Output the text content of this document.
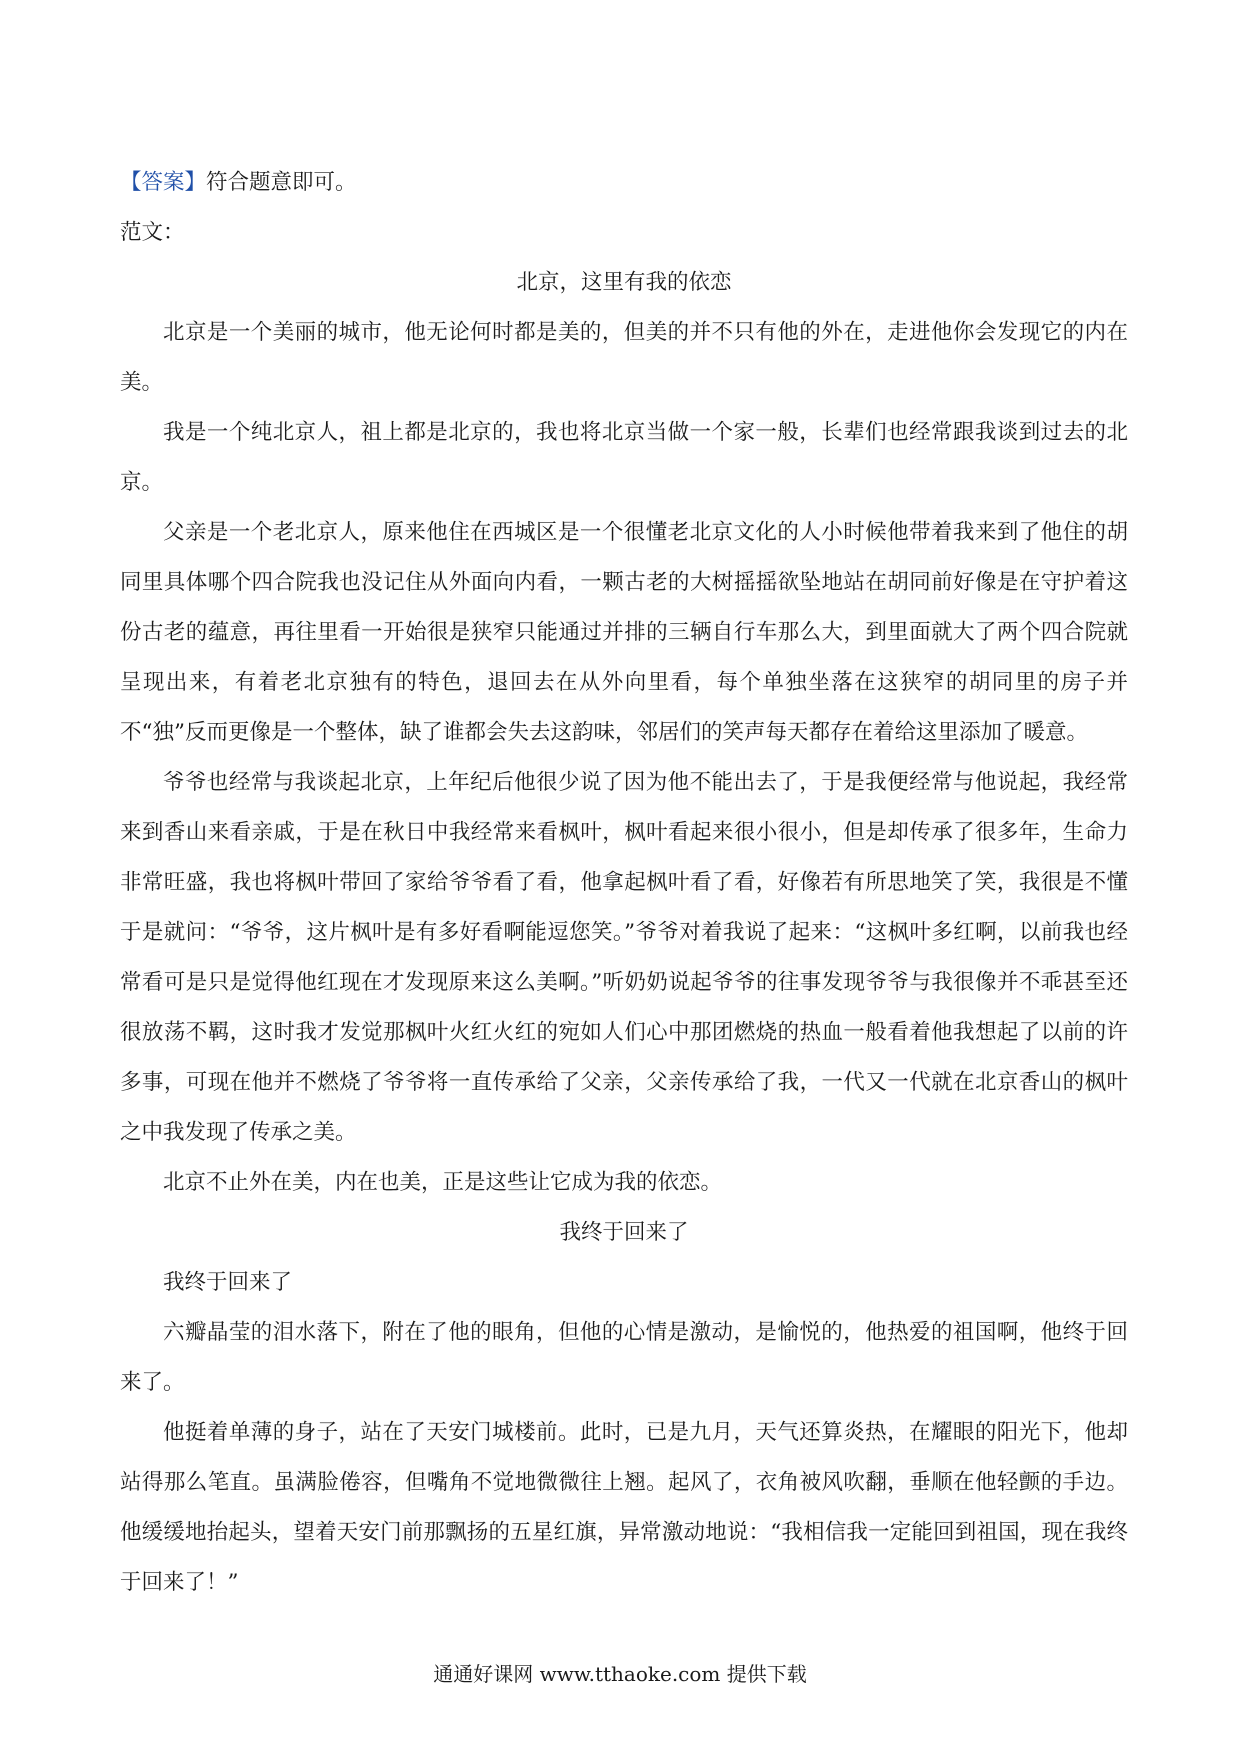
【答案】符合题意即可。

范文：

北京，这里有我的依恋

北京是一个美丽的城市，他无论何时都是美的，但美的并不只有他的外在，走进他你会发现它的内在美。

我是一个纯北京人，祖上都是北京的，我也将北京当做一个家一般，长辈们也经常跟我谈到过去的北京。

父亲是一个老北京人，原来他住在西城区是一个很懂老北京文化的人小时候他带着我来到了他住的胡同里具体哪个四合院我也没记住从外面向内看，一颗古老的大树摇摇欲坠地站在胡同前好像是在守护着这份古老的蕴意，再往里看一开始很是狭窄只能通过并排的三辆自行车那么大，到里面就大了两个四合院就呈现出来，有着老北京独有的特色，退回去在从外向里看，每个单独坐落在这狭窄的胡同里的房子并不“独”反而更像是一个整体，缺了谁都会失去这韵味，邻居们的笑声每天都存在着给这里添加了暖意。

爷爷也经常与我谈起北京，上年纪后他很少说了因为他不能出去了，于是我便经常与他说起，我经常来到香山来看亲戚，于是在秋日中我经常来看枫叶，枫叶看起来很小很小，但是却传承了很多年，生命力非常旺盛，我也将枫叶带回了家给爷爷看了看，他拿起枫叶看了看，好像若有所思地笑了笑，我很是不懂于是就问：“爷爷，这片枫叶是有多好看啊能逗您笑。”爷爷对着我说了起来：“这枫叶多红啊，以前我也经常看可是只是觉得他红现在才发现原来这么美啊。”听奶奶说起爷爷的往事发现爷爷与我很像并不乖甚至还很放荡不羁，这时我才发觉那枫叶火红火红的宛如人们心中那团燃烧的热血一般看着他我想起了以前的许多事，可现在他并不燃烧了爷爷将一直传承给了父亲，父亲传承给了我，一代又一代就在北京香山的枫叶之中我发现了传承之美。

北京不止外在美，内在也美，正是这些让它成为我的依恋。

我终于回来了

我终于回来了

六瓣晶莹的泪水落下，附在了他的眼角，但他的心情是激动，是愉悦的，他热爱的祖国啊，他终于回来了。

他挺着单薄的身子，站在了天安门城楼前。此时，已是九月，天气还算炎热，在耀眼的阳光下，他却站得那么笔直。虽满脸倦容，但嘴角不觉地微微往上翘。起风了，衣角被风吹翻，垂顺在他轻颤的手边。他缓缓地抬起头，望着天安门前那飘扬的五星红旗，异常激动地说：“我相信我一定能回到祖国，现在我终于回来了！”

通通好课网 www.tthaoke.com 提供下载
